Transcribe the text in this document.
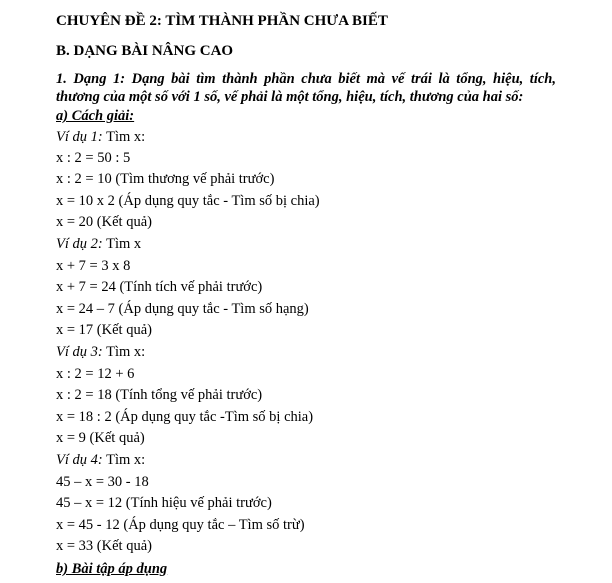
CHUYÊN ĐỀ 2: TÌM THÀNH PHẦN CHƯA BIẾT
B. DẠNG BÀI NÂNG CAO
1. Dạng 1: Dạng bài tìm thành phần chưa biết mà vế trái là tổng, hiệu, tích,
thương của một số với 1 số, vế phải là một tổng, hiệu, tích, thương của hai số:
a) Cách giải:
Ví dụ 1: Tìm x:
x : 2 = 50 : 5
x : 2 = 10 (Tìm thương vế phải trước)
x = 10 x 2 (Áp dụng quy tắc - Tìm số bị chia)
x = 20 (Kết quả)
Ví dụ 2: Tìm x
x + 7 = 3 x 8
x + 7 = 24 (Tính tích vế phải trước)
x = 24 – 7 (Áp dụng quy tắc - Tìm số hạng)
x = 17 (Kết quả)
Ví dụ 3: Tìm x:
x : 2 = 12 + 6
x : 2 = 18 (Tính tổng vế phải trước)
x = 18 : 2 (Áp dụng quy tắc -Tìm số bị chia)
x = 9 (Kết quả)
Ví dụ 4: Tìm x:
45 – x = 30 - 18
45 – x = 12 (Tính hiệu vế phải trước)
x = 45 - 12 (Áp dụng quy tắc – Tìm số trừ)
x = 33 (Kết quả)
b) Bài tập áp dụng
